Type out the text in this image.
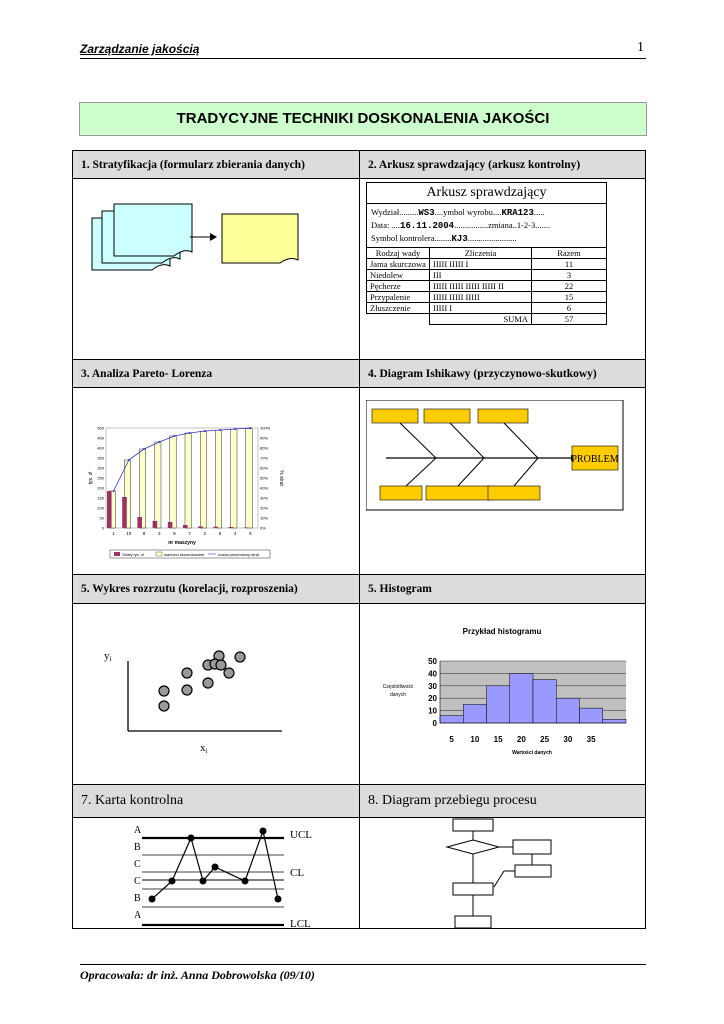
Zarządzanie jakością	1
TRADYCYJNE TECHNIKI DOSKONALENIA JAKOŚCI
1. Stratyfikacja (formularz zbierania danych)	2. Arkusz sprawdzający (arkusz kontrolny)
3. Analiza Pareto- Lorenza	4. Diagram Ishikawy (przyczynowo-skutkowy)
5. Wykres rozrzutu (korelacji, rozproszenia)	5. Histogram
7. Karta kontrolna	8. Diagram przebiegu procesu
Arkusz sprawdzający
Wydział.........WS3....ymbol wyrobu....KRA123.....
Data: ....16.11.2004................zmiana..1-2-3.......
Symbol kontrolera........KJ3.......................
Rodzaj wady	Zliczenia	Razem
Jama skurczowa	IIIII IIIII I	11
Niedolew	III	3
Pęcherze	IIIII IIIII IIIII IIIII II	22
Przypalenie	IIIII IIIII IIIII	15
Złuszczenie	IIIII I	6
	SUMA	57
0
50
100
150
200
250
300
350
400
450
500
0%
10%
20%
30%
40%
50%
60%
70%
80%
90%
100%
1	10	8	3	9	7	2	6	4	5
tys. zł	% strat
nr maszyny
Straty tys. zł	wartości skumulowane	udział procentowy strat
PROBLEM
yi
xi
Przykład histogramu
0
10
20
30
40
50
5 10 15 20 25 30 35
Częstotliwość
danych
Wartości danych
A
B
C
C
B
A
UCL
CL
LCL
Opracowała: dr inż. Anna Dobrowolska (09/10)
